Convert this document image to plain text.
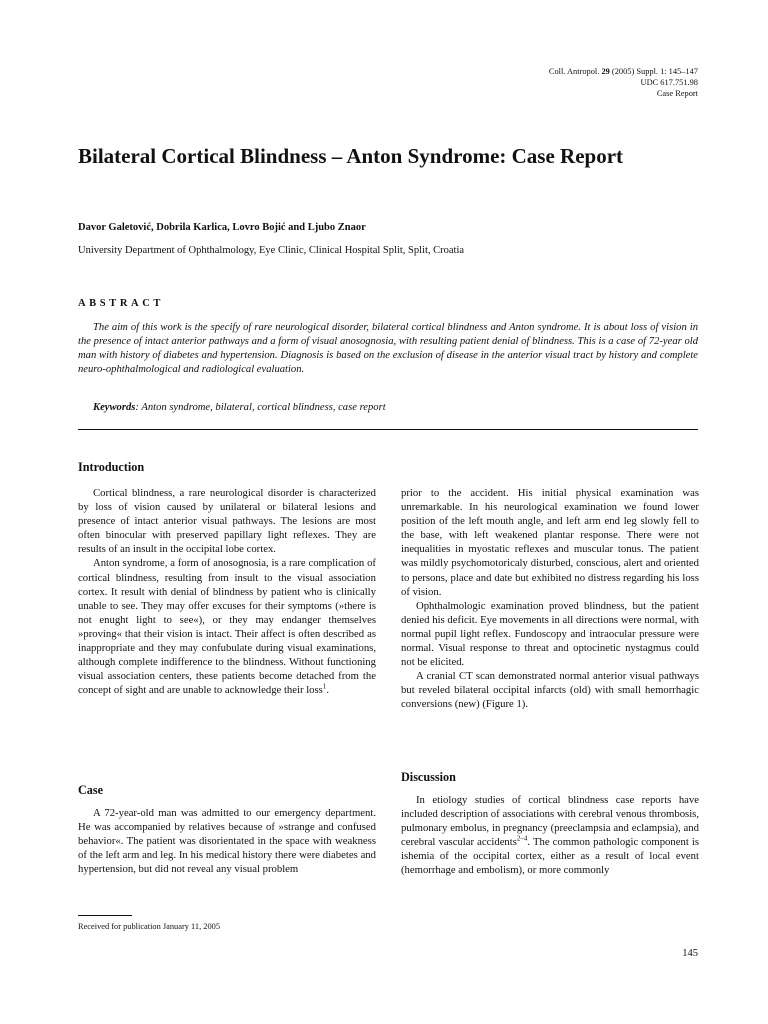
Coll. Antropol. 29 (2005) Suppl. 1: 145–147
UDC 617.751.98
Case Report
Bilateral Cortical Blindness – Anton Syndrome: Case Report
Davor Galetović, Dobrila Karlica, Lovro Bojić and Ljubo Znaor
University Department of Ophthalmology, Eye Clinic, Clinical Hospital Split, Split, Croatia
ABSTRACT
The aim of this work is the specify of rare neurological disorder, bilateral cortical blindness and Anton syndrome. It is about loss of vision in the presence of intact anterior pathways and a form of visual anosognosia, with resulting patient denial of blindness. This is a case of 72-year old man with history of diabetes and hypertension. Diagnosis is based on the exclusion of disease in the anterior visual tract by history and complete neuro-ophthalmological and radiological evaluation.
Keywords: Anton syndrome, bilateral, cortical blindness, case report
Introduction

Cortical blindness, a rare neurological disorder is characterized by loss of vision caused by unilateral or bilateral lesions and presence of intact anterior visual pathways. The lesions are most often binocular with preserved papillary light reflexes. They are results of an insult in the occipital lobe cortex.

Anton syndrome, a form of anosognosia, is a rare complication of cortical blindness, resulting from insult to the visual association cortex. It result with denial of blindness by patient who is clinically unable to see. They may offer excuses for their symptoms (»there is not enught light to see«), or they may endanger themselves »proving« that their vision is intact. Their affect is often described as inappropriate and they may confubulate during visual examinations, although complete indifference to the blindness. Without functioning visual association centers, these patients become detached from the concept of sight and are unable to acknowledge their loss$^1$.

Case

A 72-year-old man was admitted to our emergency department. He was accompanied by relatives because of »strange and confused behavior«. The patient was disorientated in the space with weakness of the left arm and leg. In his medical history there were diabetes and hypertension, but did not reveal any visual problem

prior to the accident. His initial physical examination was unremarkable. In his neurological examination we found lower position of the left mouth angle, and left arm end leg slowly fell to the base, with left weakened plantar response. There were not inequalities in myostatic reflexes and muscular tonus. The patient was mildly psychomotoricaly disturbed, conscious, alert and oriented to persons, place and date but exhibited no distress regarding his loss of vision.

Ophthalmologic examination proved blindness, but the patient denied his deficit. Eye movements in all directions were normal, with normal pupil light reflex. Fundoscopy and intraocular pressure were normal. Visual response to threat and optocinetic nystagmus could not be elicited.

A cranial CT scan demonstrated normal anterior visual pathways but reveled bilateral occipital infarcts (old) with small hemorrhagic conversions (new) (Figure 1).

Discussion

In etiology studies of cortical blindness case reports have included description of associations with cerebral venous thrombosis, pulmonary embolus, in pregnancy (preeclampsia and eclampsia), and cerebral vascular accidents$^{2-4}$. The common pathologic component is ishemia of the occipital cortex, either as a result of local event (hemorrhage and embolism), or more commonly

Received for publication January 11, 2005
145
